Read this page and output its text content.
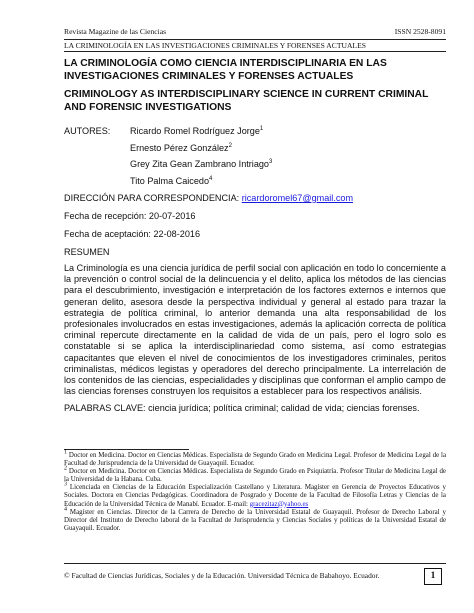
Revista Magazine de las Ciencias	ISSN 2528-8091
LA CRIMINOLOGÍA EN LAS INVESTIGACIONES CRIMINALES Y FORENSES ACTUALES
LA CRIMINOLOGÍA COMO CIENCIA INTERDISCIPLINARIA EN LAS INVESTIGACIONES CRIMINALES Y FORENSES ACTUALES
CRIMINOLOGY AS INTERDISCIPLINARY SCIENCE IN CURRENT CRIMINAL AND FORENSIC INVESTIGATIONS
AUTORES:	Ricardo Romel Rodríguez Jorge$^1$
Ernesto Pérez González$^2$
Grey Zita Gean Zambrano Intriago$^3$
Tito Palma Caicedo$^4$
DIRECCIÓN PARA CORRESPONDENCIA: ricardoromel67@gmail.com
Fecha de recepción: 20-07-2016
Fecha de aceptación: 22-08-2016
RESUMEN

La Criminología es una ciencia jurídica de perfil social con aplicación en todo lo concerniente a la prevención o control social de la delincuencia y el delito, aplica los métodos de las ciencias para el descubrimiento, investigación e interpretación de los factores externos e internos que generan delito, asesora desde la perspectiva individual y general al estado para trazar la estrategia de política criminal, lo anterior demanda una alta responsabilidad de los profesionales involucrados en estas investigaciones, además la aplicación correcta de política criminal repercute directamente en la calidad de vida de un país, pero el logro solo es constatable si se aplica la interdisciplinariedad como sistema, así como estrategias capacitantes que eleven el nivel de conocimientos de los investigadores criminales, peritos criminalistas, médicos legistas y operadores del derecho principalmente. La interrelación de los contenidos de las ciencias, especialidades y disciplinas que conforman el amplio campo de las ciencias forenses construyen los requisitos a establecer para los respectivos análisis.

PALABRAS CLAVE: ciencia jurídica; política criminal; calidad de vida; ciencias forenses.

$^1$ Doctor en Medicina. Doctor en Ciencias Médicas. Especialista de Segundo Grado en Medicina Legal. Profesor de Medicina Legal de la Facultad de Jurisprudencia de la Universidad de Guayaquil. Ecuador.

$^2$ Doctor en Medicina. Doctor en Ciencias Médicas. Especialista de Segundo Grado en Psiquiatría. Profesor Titular de Medicina Legal de la Universidad de la Habana. Cuba.

$^3$ Licenciada en Ciencias de la Educación Especialización Castellano y Literatura. Magíster en Gerencia de Proyectos Educativos y Sociales. Doctora en Ciencias Pedagógicas. Coordinadora de Posgrado y Docente de la Facultad de Filosofía Letras y Ciencias de la Educación de la Universidad Técnica de Manabí. Ecuador. E-mail: gracezitaz@yahoo.es

$^4$ Magíster en Ciencias. Director de la Carrera de Derecho de la Universidad Estatal de Guayaquil. Profesor de Derecho Laboral y Director del Instituto de Derecho laboral de la Facultad de Jurisprudencia y Ciencias Sociales y políticas de la Universidad Estatal de Guayaquil. Ecuador.

© Facultad de Ciencias Jurídicas, Sociales y de la Educación. Universidad Técnica de Babahoyo. Ecuador.	1
